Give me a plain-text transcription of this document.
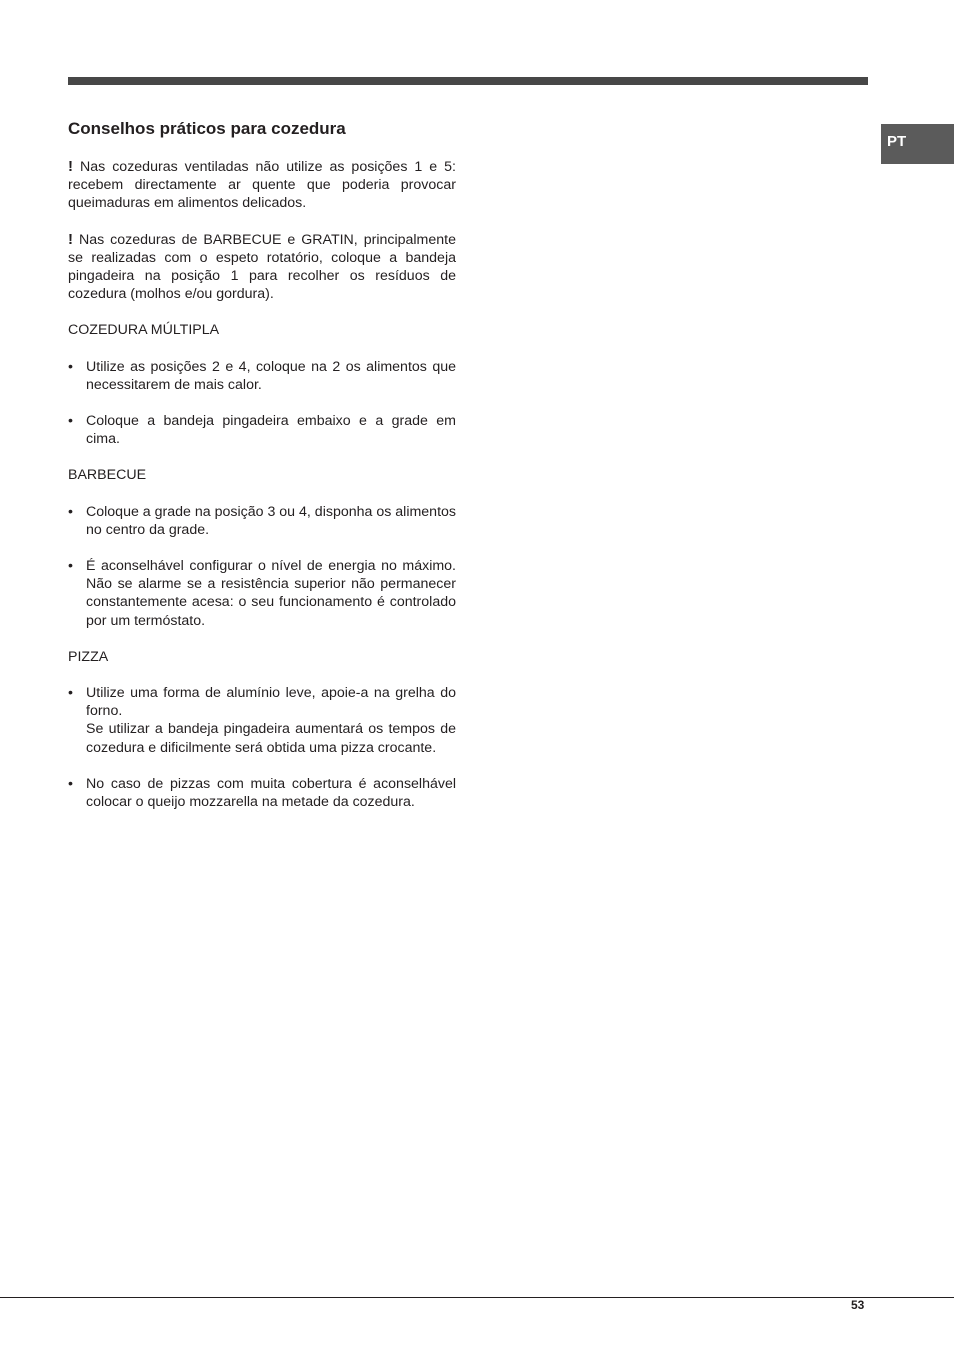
PT
Conselhos práticos para cozedura

! Nas cozeduras ventiladas não utilize as posições 1 e 5: recebem directamente ar quente que poderia provocar queimaduras em alimentos delicados.

! Nas cozeduras de BARBECUE e GRATIN, principalmente se realizadas com o espeto rotatório, coloque a bandeja pingadeira na posição 1 para recolher os resíduos de cozedura (molhos e/ou gordura).

COZEDURA MÚLTIPLA
• Utilize as posições 2 e 4, coloque na 2 os alimentos que necessitarem de mais calor.
• Coloque a bandeja pingadeira embaixo e a grade em cima.
BARBECUE
• Coloque a grade na posição 3 ou 4, disponha os alimentos no centro da grade.
• É aconselhável configurar o nível de energia no máximo. Não se alarme se a resistência superior não permanecer constantemente acesa: o seu funcionamento é controlado por um termóstato.
PIZZA
• Utilize uma forma de alumínio leve, apoie-a na grelha do forno.
Se utilizar a bandeja pingadeira aumentará os tempos de cozedura e dificilmente será obtida uma pizza crocante.
• No caso de pizzas com muita cobertura é aconselhável colocar o queijo mozzarella na metade da cozedura.
53
